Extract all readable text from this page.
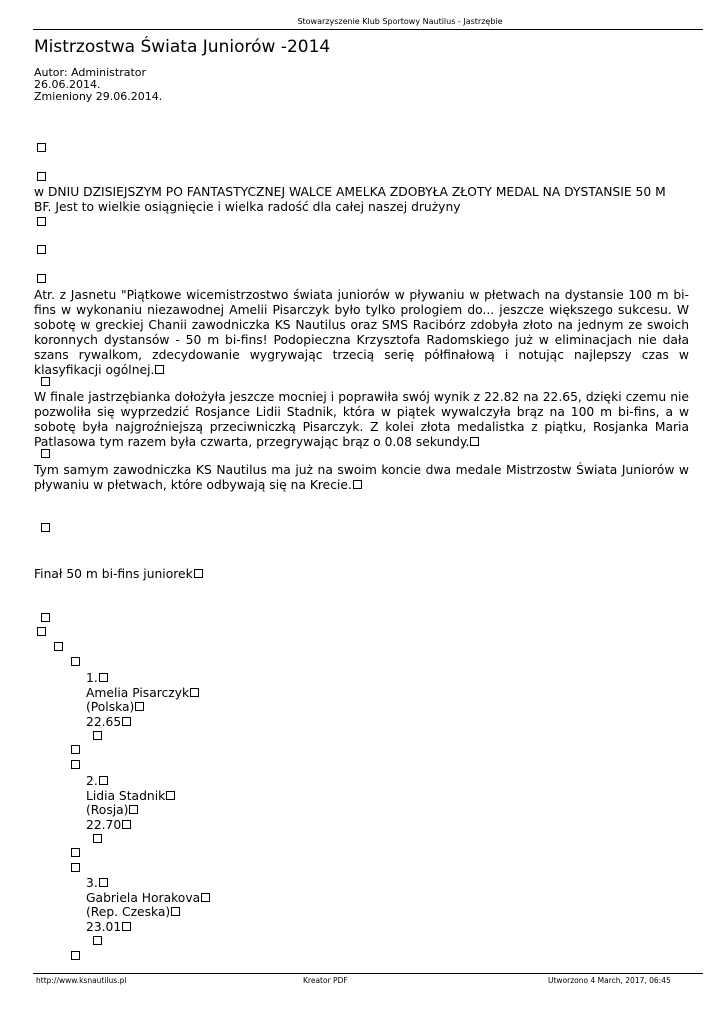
Stowarzyszenie Klub Sportowy Nautilus - Jastrzębie
Mistrzostwa Świata Juniorów -2014
Autor: Administrator
26.06.2014.
Zmieniony 29.06.2014.
w DNIU DZISIEJSZYM PO FANTASTYCZNEJ WALCE AMELKA ZDOBYŁA ZŁOTY MEDAL NA DYSTANSIE 50 M
BF. Jest to wielkie osiągnięcie i wielka radość dla całej naszej drużyny
Atr. z Jasnetu "Piątkowe wicemistrzostwo świata juniorów w pływaniu w płetwach na dystansie 100 m bi-fins w wykonaniu niezawodnej Amelii Pisarczyk było tylko prologiem do... jeszcze większego sukcesu. W sobotę w greckiej Chanii zawodniczka KS Nautilus oraz SMS Racibórz zdobyła złoto na jednym ze swoich koronnych dystansów - 50 m bi-fins! Podopieczna Krzysztofa Radomskiego już w eliminacjach nie dała szans rywalkom, zdecydowanie wygrywając trzecią serię półfinałową i notując najlepszy czas w klasyfikacji ogólnej.
W finale jastrzębianka dołożyła jeszcze mocniej i poprawiła swój wynik z 22.82 na 22.65, dzięki czemu nie pozwoliła się wyprzedzić Rosjance Lidii Stadnik, która w piątek wywalczyła brąz na 100 m bi-fins, a w sobotę była najgroźniejszą przeciwniczką Pisarczyk. Z kolei złota medalistka z piątku, Rosjanka Maria Patlasowa tym razem była czwarta, przegrywając brąz o 0.08 sekundy.
Tym samym zawodniczka KS Nautilus ma już na swoim koncie dwa medale Mistrzostw Świata Juniorów w pływaniu w płetwach, które odbywają się na Krecie.
Finał 50 m bi-fins juniorek
1.
Amelia Pisarczyk
(Polska)
22.65
2.
Lidia Stadnik
(Rosja)
22.70
3.
Gabriela Horakova
(Rep. Czeska)
23.01
http://www.ksnautilus.pl	Kreator PDF	Utworzono 4 March, 2017, 06:45
